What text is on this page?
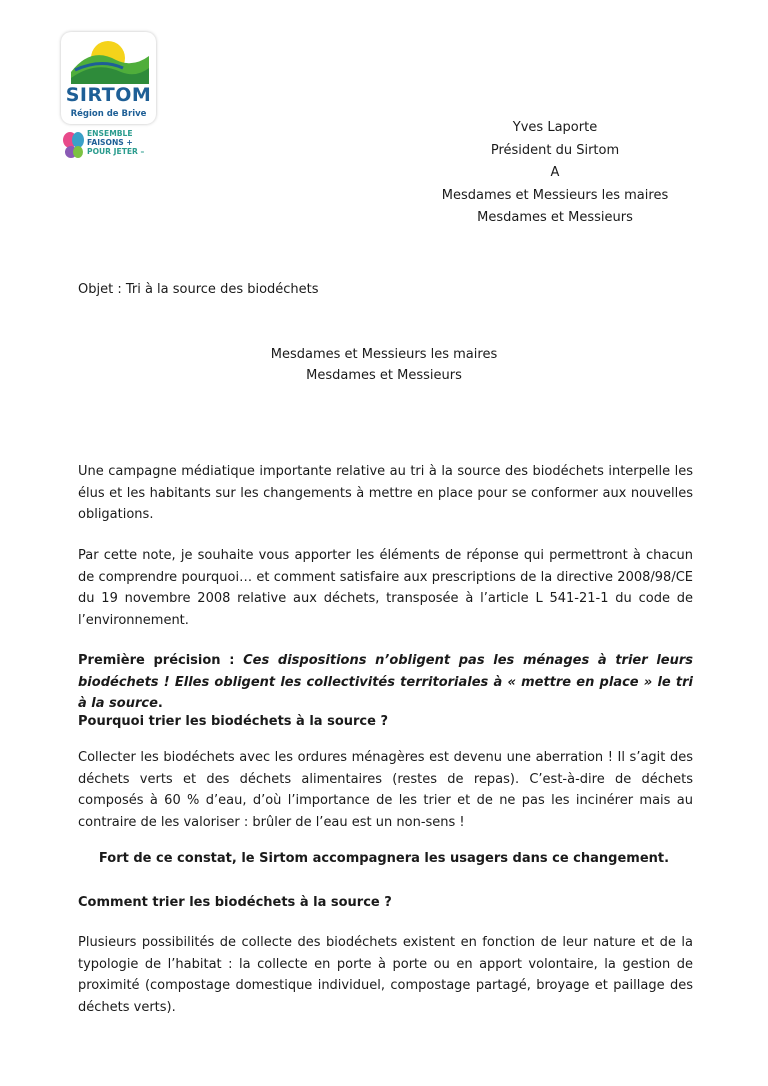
SIRTOM
Région de Brive
ENSEMBLE
FAISONS +
POUR JETER –
Yves Laporte
Président du Sirtom
A
Mesdames et Messieurs les maires
Mesdames et Messieurs
Objet : Tri à la source des biodéchets
Mesdames et Messieurs les maires
Mesdames et Messieurs

Une campagne médiatique importante relative au tri à la source des biodéchets interpelle les élus et les habitants sur les changements à mettre en place pour se conformer aux nouvelles obligations.

Par cette note, je souhaite vous apporter les éléments de réponse qui permettront à chacun de comprendre pourquoi… et comment satisfaire aux prescriptions de la directive 2008/98/CE du 19 novembre 2008 relative aux déchets, transposée à l’article L 541-21-1 du code de l’environnement.

Première précision : Ces dispositions n’obligent pas les ménages à trier leurs biodéchets ! Elles obligent les collectivités territoriales à « mettre en place » le tri à la source.

Pourquoi trier les biodéchets à la source ?

Collecter les biodéchets avec les ordures ménagères est devenu une aberration ! Il s’agit des déchets verts et des déchets alimentaires (restes de repas). C’est-à-dire de déchets composés à 60 % d’eau, d’où l’importance de les trier et de ne pas les incinérer mais au contraire de les valoriser : brûler de l’eau est un non-sens !

Fort de ce constat, le Sirtom accompagnera les usagers dans ce changement.

Comment trier les biodéchets à la source ?

Plusieurs possibilités de collecte des biodéchets existent en fonction de leur nature et de la typologie de l’habitat : la collecte en porte à porte ou en apport volontaire, la gestion de proximité (compostage domestique individuel, compostage partagé, broyage et paillage des déchets verts).
